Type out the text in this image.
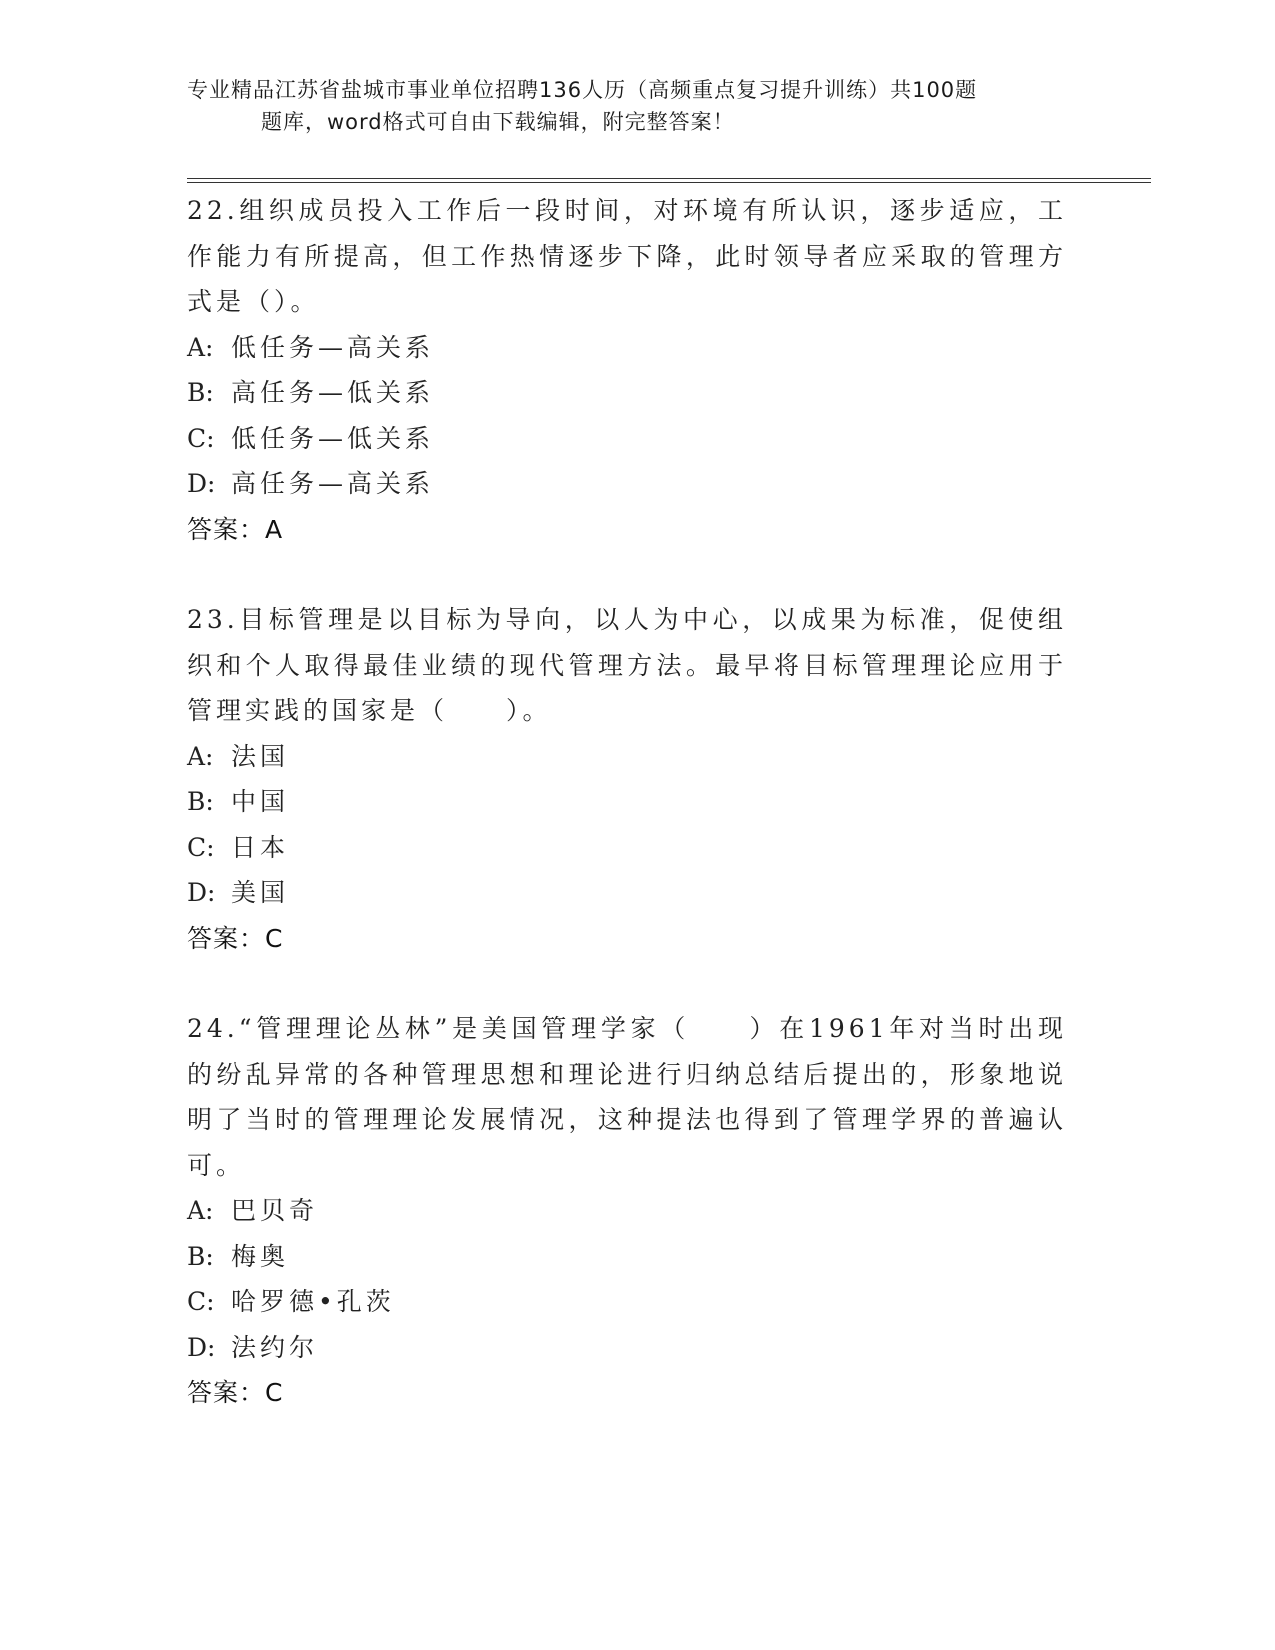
专业精品江苏省盐城市事业单位招聘136人历（高频重点复习提升训练）共100题
题库，word格式可自由下载编辑，附完整答案！

22.组织成员投入工作后一段时间，对环境有所认识，逐步适应，工作能力有所提高，但工作热情逐步下降，此时领导者应采取的管理方式是（）。

A: 低任务—高关系
B: 高任务—低关系
C: 低任务—低关系
D: 高任务—高关系
答案：A

23.目标管理是以目标为导向，以人为中心，以成果为标准，促使组织和个人取得最佳业绩的现代管理方法。最早将目标管理理论应用于管理实践的国家是（　　）。

A: 法国
B: 中国
C: 日本
D: 美国
答案：C

24.“管理理论丛林”是美国管理学家（　　）在1961年对当时出现的纷乱异常的各种管理思想和理论进行归纳总结后提出的，形象地说明了当时的管理理论发展情况，这种提法也得到了管理学界的普遍认可。

A: 巴贝奇
B: 梅奥
C: 哈罗德•孔茨
D: 法约尔
答案：C
